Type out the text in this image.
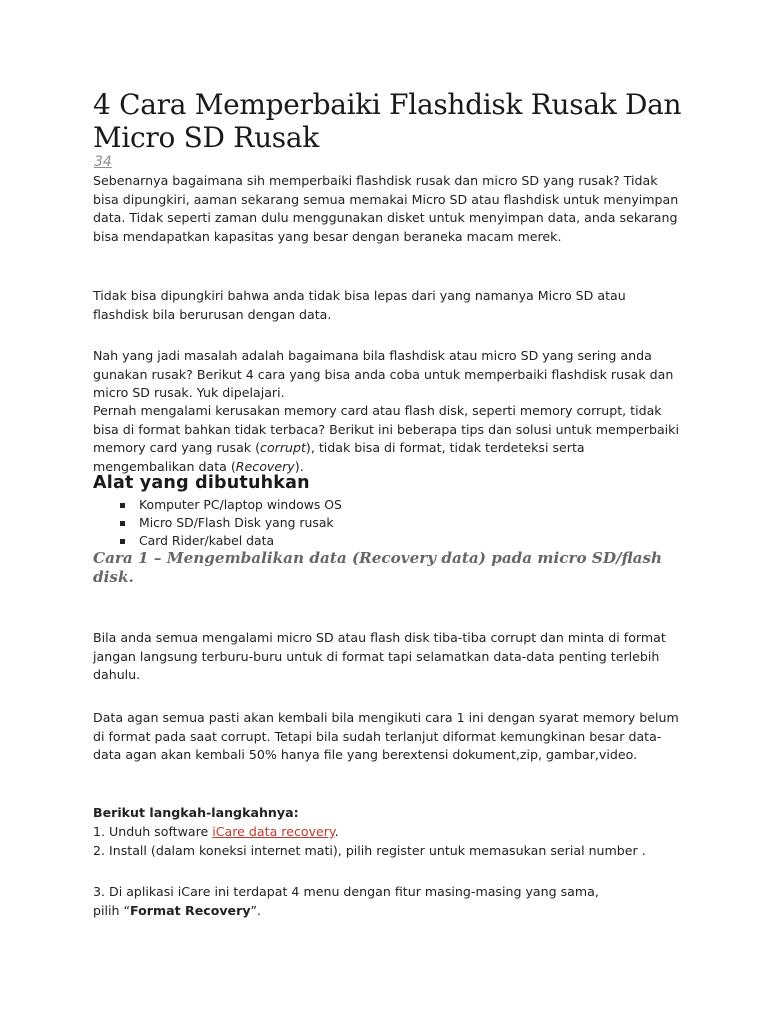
4 Cara Memperbaiki Flashdisk Rusak Dan Micro SD Rusak
34

Sebenarnya bagaimana sih memperbaiki flashdisk rusak dan micro SD yang rusak? Tidak bisa dipungkiri, aaman sekarang semua memakai Micro SD atau flashdisk untuk menyimpan data. Tidak seperti zaman dulu menggunakan disket untuk menyimpan data, anda sekarang bisa mendapatkan kapasitas yang besar dengan beraneka macam merek.

Tidak bisa dipungkiri bahwa anda tidak bisa lepas dari yang namanya Micro SD atau flashdisk bila berurusan dengan data.

Nah yang jadi masalah adalah bagaimana bila flashdisk atau micro SD yang sering anda gunakan rusak? Berikut 4 cara yang bisa anda coba untuk memperbaiki flashdisk rusak dan micro SD rusak. Yuk dipelajari.

Pernah mengalami kerusakan memory card atau flash disk, seperti memory corrupt, tidak bisa di format bahkan tidak terbaca? Berikut ini beberapa tips dan solusi untuk memperbaiki memory card yang rusak (corrupt), tidak bisa di format, tidak terdeteksi serta mengembalikan data (Recovery).

Alat yang dibutuhkan
Komputer PC/laptop windows OS
Micro SD/Flash Disk yang rusak
Card Rider/kabel data
Cara 1 – Mengembalikan data (Recovery data) pada micro SD/flash disk.

Bila anda semua mengalami micro SD atau flash disk tiba-tiba corrupt dan minta di format jangan langsung terburu-buru untuk di format tapi selamatkan data-data penting terlebih dahulu.

Data agan semua pasti akan kembali bila mengikuti cara 1 ini dengan syarat memory belum di format pada saat corrupt. Tetapi bila sudah terlanjut diformat kemungkinan besar data-data agan akan kembali 50% hanya file yang berextensi dokument,zip, gambar,video.

Berikut langkah-langkahnya:

1. Unduh software iCare data recovery.

2. Install (dalam koneksi internet mati), pilih register untuk memasukan serial number .

3. Di aplikasi iCare ini terdapat 4 menu dengan fitur masing-masing yang sama,

pilih “Format Recovery”.
